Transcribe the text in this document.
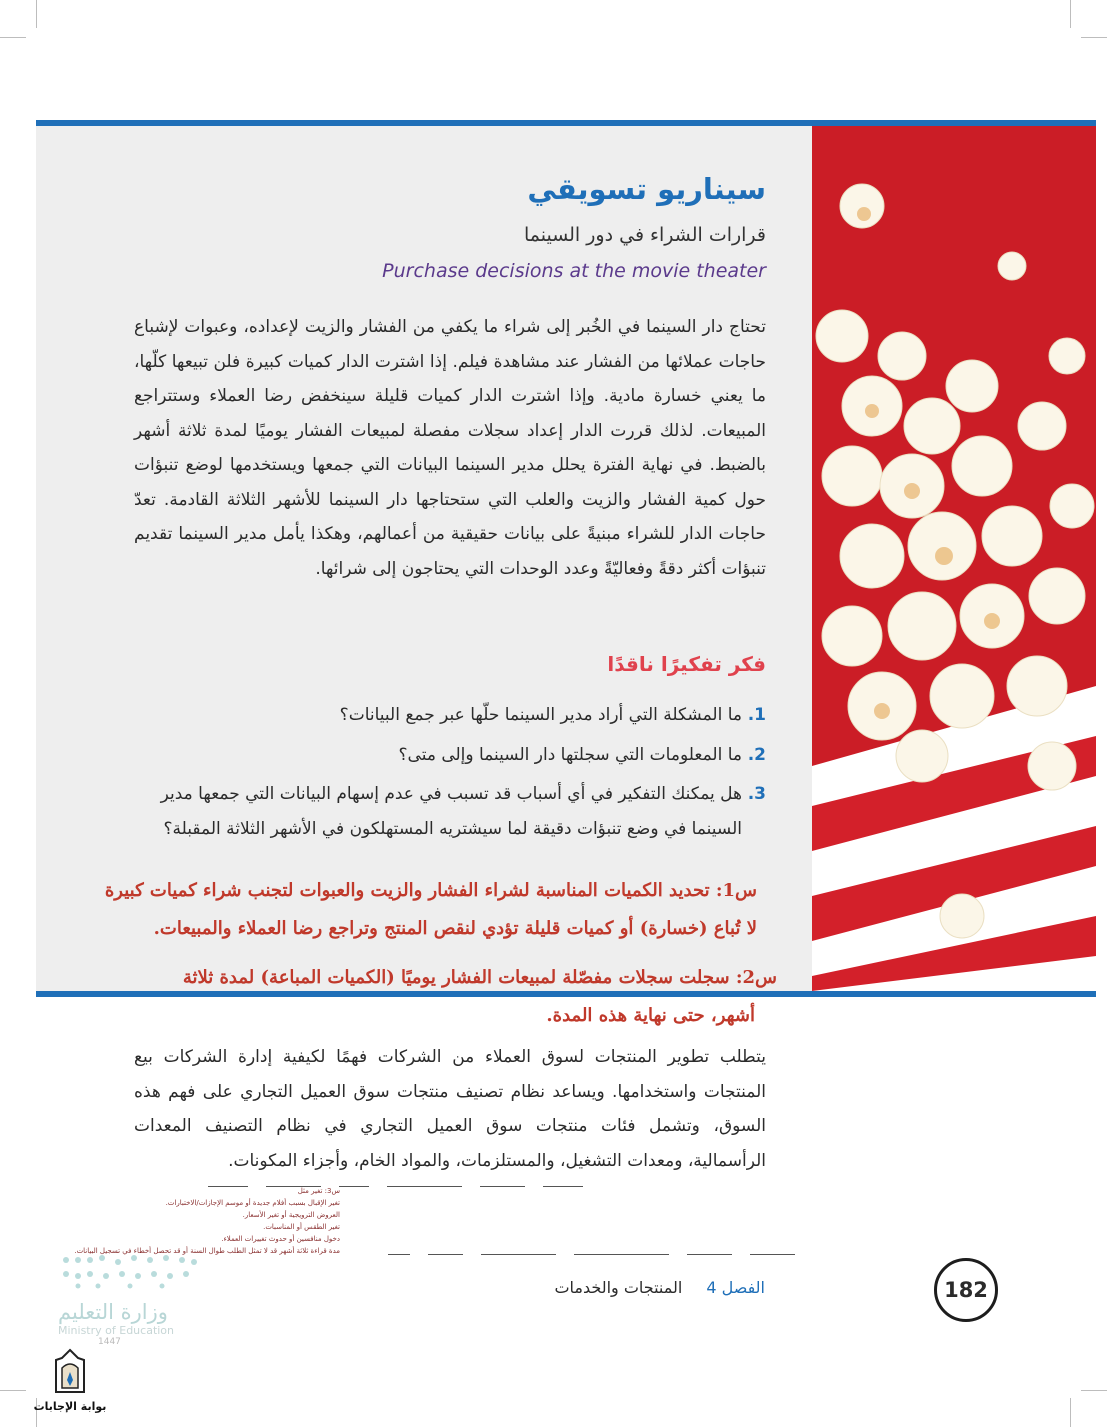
سيناريو تسويقي
قرارات الشراء في دور السينما
Purchase decisions at the movie theater

تحتاج دار السينما في الخُبر إلى شراء ما يكفي من الفشار والزيت لإعداده، وعبوات لإشباع حاجات عملائها من الفشار عند مشاهدة فيلم. إذا اشترت الدار كميات كبيرة فلن تبيعها كلّها، ما يعني خسارة مادية. وإذا اشترت الدار كميات قليلة سينخفض رضا العملاء وستتراجع المبيعات. لذلك قررت الدار إعداد سجلات مفصلة لمبيعات الفشار يوميًا لمدة ثلاثة أشهر بالضبط. في نهاية الفترة يحلل مدير السينما البيانات التي جمعها ويستخدمها لوضع تنبؤات حول كمية الفشار والزيت والعلب التي ستحتاجها دار السينما للأشهر الثلاثة القادمة. تعدّ حاجات الدار للشراء مبنيةً على بيانات حقيقية من أعمالهم، وهكذا يأمل مدير السينما تقديم تنبؤات أكثر دقةً وفعاليّةً وعدد الوحدات التي يحتاجون إلى شرائها.

فكر تفكيرًا ناقدًا
1.
ما المشكلة التي أراد مدير السينما حلّها عبر جمع البيانات؟
2.
ما المعلومات التي سجلتها دار السينما وإلى متى؟
3.
هل يمكنك التفكير في أي أسباب قد تسبب في عدم إسهام البيانات التي جمعها مدير السينما في وضع تنبؤات دقيقة لما سيشتريه المستهلكون في الأشهر الثلاثة المقبلة؟
س1: تحديد الكميات المناسبة لشراء الفشار والزيت والعبوات لتجنب شراء كميات كبيرة
لا تُباع (خسارة) أو كميات قليلة تؤدي لنقص المنتج وتراجع رضا العملاء والمبيعات.
س2: سجلت سجلات مفصّلة لمبيعات الفشار يوميًا (الكميات المباعة) لمدة ثلاثة
أشهر، حتى نهاية هذه المدة.

يتطلب تطوير المنتجات لسوق العملاء من الشركات فهمًا لكيفية إدارة الشركات بيع المنتجات واستخدامها. ويساعد نظام تصنيف منتجات سوق العميل التجاري على فهم هذه السوق، وتشمل فئات منتجات سوق العميل التجاري في نظام التصنيف المعدات الرأسمالية، ومعدات التشغيل، والمستلزمات، والمواد الخام، وأجزاء المكونات.

س3: تغير مثل
تغير الإقبال بسبب أفلام جديدة أو موسم الإجازات/الاختبارات.
العروض الترويجية أو تغير الأسعار.
تغير الطقس أو المناسبات.
دخول منافسين أو حدوث تغييرات العملاء.
مدة قراءة ثلاثة أشهر قد لا تمثل الطلب طوال السنة أو قد تحصل أخطاء في تسجيل البيانات.
وزارة التعليم
Ministry of Education
1447
بوابة الإجابات
182
الفصل 4المنتجات والخدمات
